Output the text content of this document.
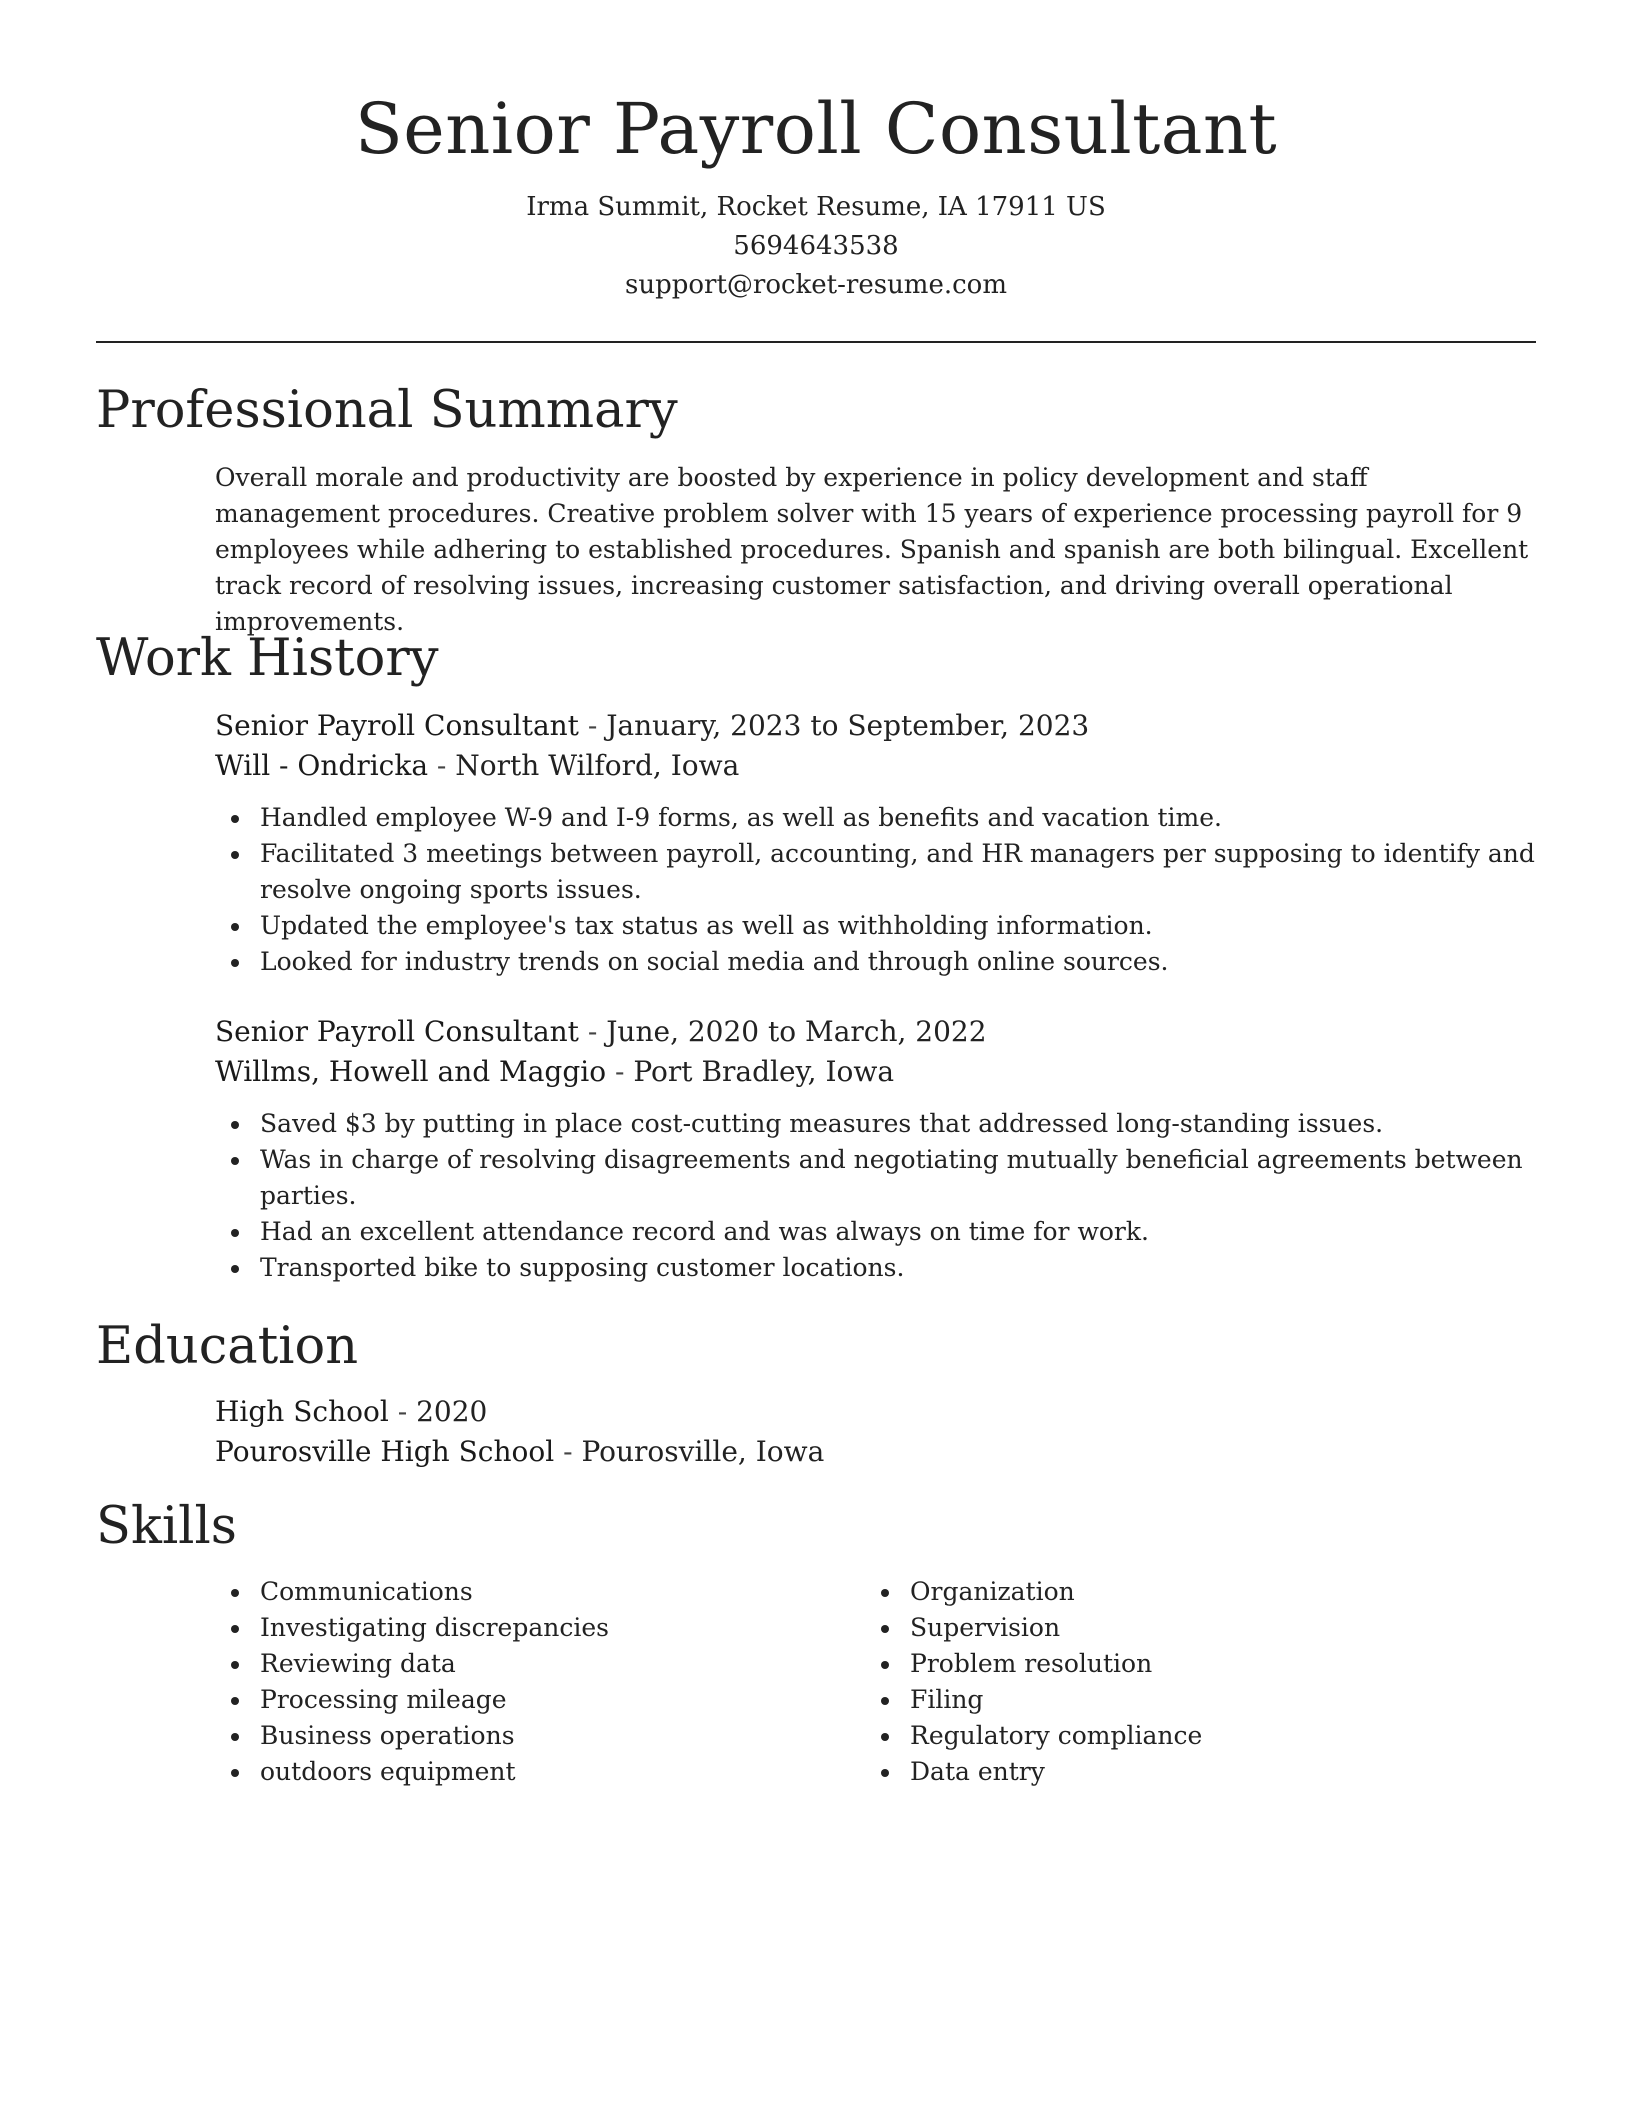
Senior Payroll Consultant
Irma Summit, Rocket Resume, IA 17911 US
5694643538
support@rocket-resume.com
Professional Summary

Overall morale and productivity are boosted by experience in policy development and staff management procedures. Creative problem solver with 15 years of experience processing payroll for 9 employees while adhering to established procedures. Spanish and spanish are both bilingual. Excellent track record of resolving issues, increasing customer satisfaction, and driving overall operational improvements.

Work History
Senior Payroll Consultant - January, 2023 to September, 2023
Will - Ondricka - North Wilford, Iowa
Handled employee W-9 and I-9 forms, as well as benefits and vacation time.
Facilitated 3 meetings between payroll, accounting, and HR managers per supposing to identify and resolve ongoing sports issues.
Updated the employee's tax status as well as withholding information.
Looked for industry trends on social media and through online sources.
Senior Payroll Consultant - June, 2020 to March, 2022
Willms, Howell and Maggio - Port Bradley, Iowa
Saved $3 by putting in place cost-cutting measures that addressed long-standing issues.
Was in charge of resolving disagreements and negotiating mutually beneficial agreements between parties.
Had an excellent attendance record and was always on time for work.
Transported bike to supposing customer locations.
Education
High School - 2020
Pourosville High School - Pourosville, Iowa
Skills
Communications
Investigating discrepancies
Reviewing data
Processing mileage
Business operations
outdoors equipment
Organization
Supervision
Problem resolution
Filing
Regulatory compliance
Data entry
